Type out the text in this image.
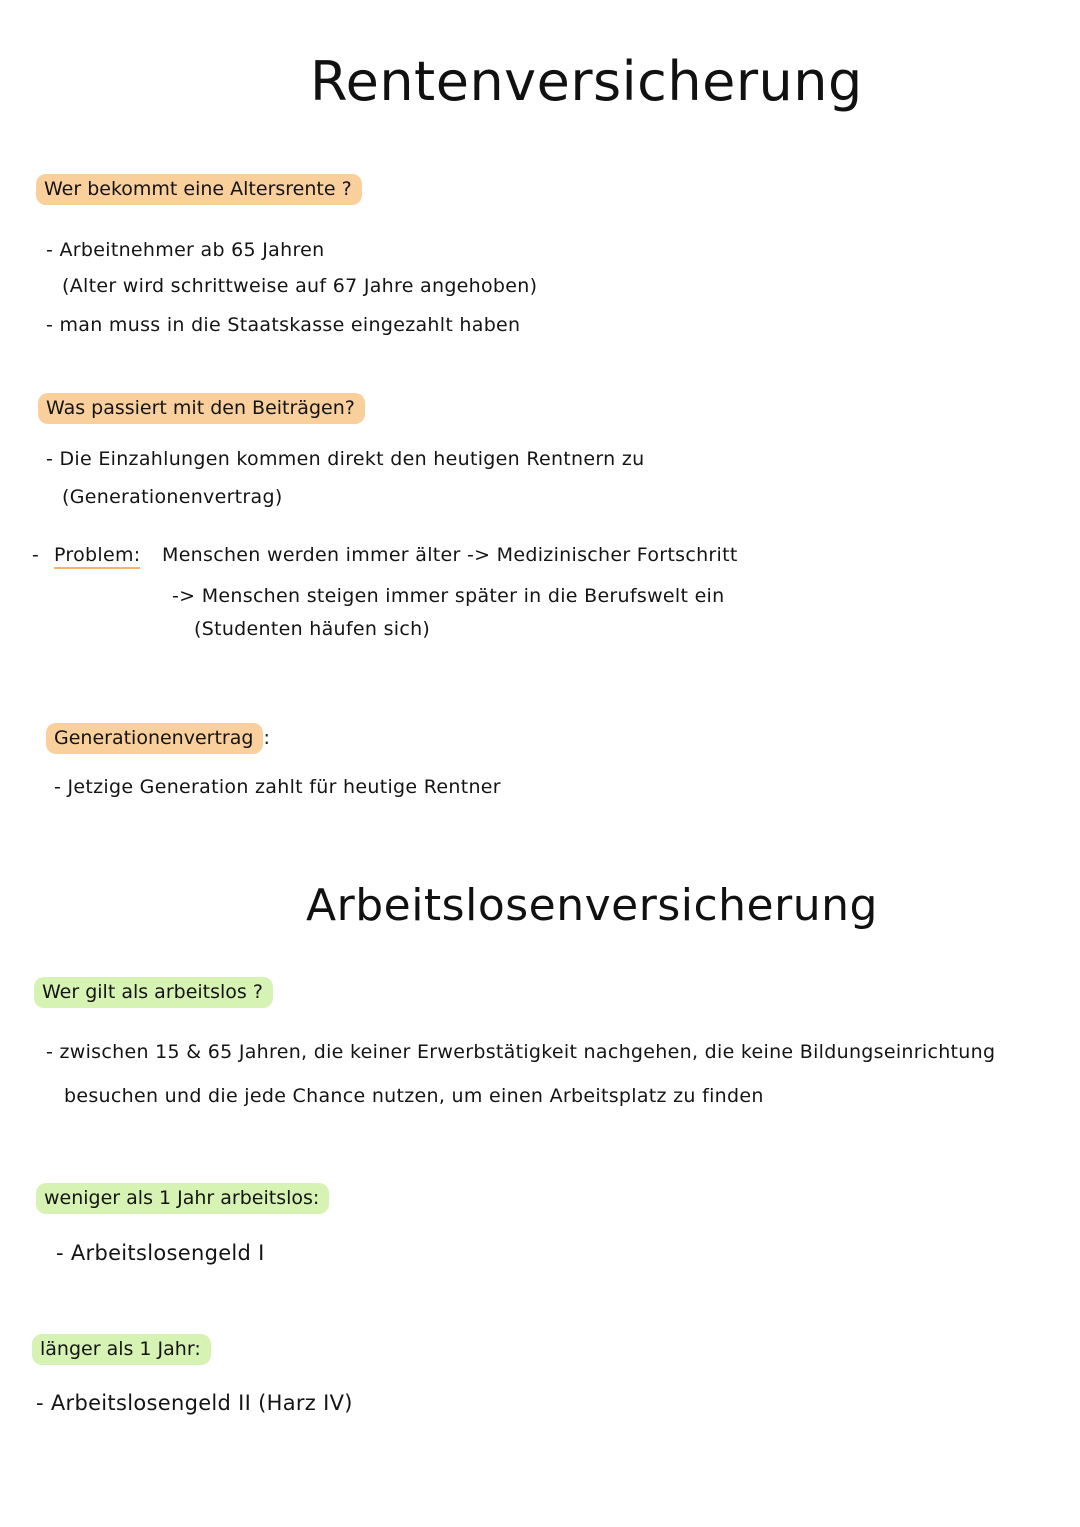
Rentenversicherung
Wer bekommt eine Altersrente ?
- Arbeitnehmer ab 65 Jahren
(Alter wird schrittweise auf 67 Jahre angehoben)
- man muss in die Staatskasse eingezahlt haben
Was passiert mit den Beiträgen?
- Die Einzahlungen kommen direkt den heutigen Rentnern zu
(Generationenvertrag)
- Problem: Menschen werden immer älter -> Medizinischer Fortschritt
-> Menschen steigen immer später in die Berufswelt ein
(Studenten häufen sich)
Generationenvertrag :
- Jetzige Generation zahlt für heutige Rentner
Arbeitslosenversicherung
Wer gilt als arbeitslos ?
- zwischen 15 & 65 Jahren, die keiner Erwerbstätigkeit nachgehen, die keine Bildungseinrichtung
besuchen und die jede Chance nutzen, um einen Arbeitsplatz zu finden
weniger als 1 Jahr arbeitslos:
- Arbeitslosengeld I
länger als 1 Jahr:
- Arbeitslosengeld II (Harz IV)
